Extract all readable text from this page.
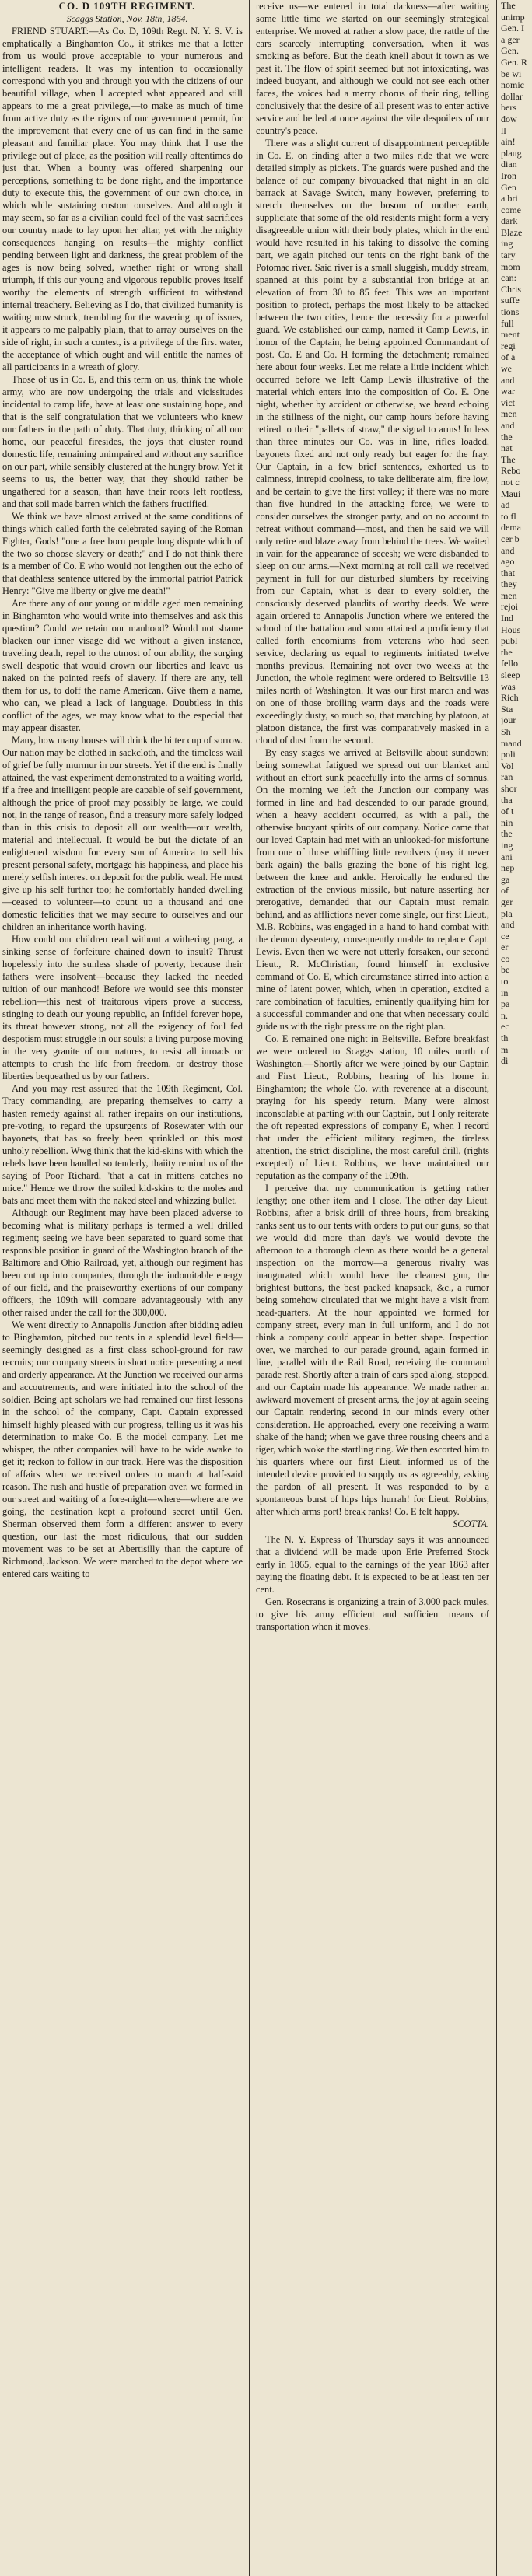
CO. D 109TH REGIMENT.

Scaggs Station, Nov. 18th, 1864.

FRIEND STUART:—As Co. D, 109th Regt. N. Y. S. V. is emphatically a Binghamton Co., it strikes me that a letter from us would prove acceptable to your numerous and intelligent readers. It was my intention to occasionally correspond with you and through you with the citizens of our beautiful village, when I accepted what appeared and still appears to me a great privilege,—to make as much of time from active duty as the rigors of our government permit, for the improvement that every one of us can find in the same pleasant and familiar place. You may think that I use the privilege out of place, as the position will really oftentimes do just that. When a bounty was offered sharpening our perceptions, something to be done right, and the importance duty to execute this, the government of our own choice, in which while sustaining custom ourselves. And although it may seem, so far as a civilian could feel of the vast sacrifices our country made to lay upon her altar, yet with the mighty consequences hanging on results—the mighty conflict pending between light and darkness, the great problem of the ages is now being solved, whether right or wrong shall triumph, if this our young and vigorous republic proves itself worthy the elements of strength sufficient to withstand internal treachery. Believing as I do, that civilized humanity is waiting now struck, trembling for the wavering up of issues, it appears to me palpably plain, that to array ourselves on the side of right, in such a contest, is a privilege of the first water, the acceptance of which ought and will entitle the names of all participants in a wreath of glory.

Those of us in Co. E, and this term on us, think the whole army, who are now undergoing the trials and vicissitudes incidental to camp life, have at least one sustaining hope, and that is the self congratulation that we volunteers who knew our fathers in the path of duty. That duty, thinking of all our home, our peaceful firesides, the joys that cluster round domestic life, remaining unimpaired and without any sacrifice on our part, while sensibly clustered at the hungry brow. Yet it seems to us, the better way, that they should rather be ungathered for a season, than have their roots left rootless, and that soil made barren which the fathers fructified.

We think we have almost arrived at the same conditions of things which called forth the celebrated saying of the Roman Fighter, Gods! "one a free born people long dispute which of the two so choose slavery or death;" and I do not think there is a member of Co. E who would not lengthen out the echo of that deathless sentence uttered by the immortal patriot Patrick Henry: "Give me liberty or give me death!"

Are there any of our young or middle aged men remaining in Binghamton who would write into themselves and ask this question? Could we retain our manhood? Would not shame blacken our inner visage did we without a given instance, traveling death, repel to the utmost of our ability, the surging swell despotic that would drown our liberties and leave us naked on the pointed reefs of slavery. If there are any, tell them for us, to doff the name American. Give them a name, who can, we plead a lack of language. Doubtless in this conflict of the ages, we may know what to the especial that may appear disaster.

Many, how many houses will drink the bitter cup of sorrow. Our nation may be clothed in sackcloth, and the timeless wail of grief be fully murmur in our streets. Yet if the end is finally attained, the vast experiment demonstrated to a waiting world, if a free and intelligent people are capable of self government, although the price of proof may possibly be large, we could not, in the range of reason, find a treasury more safely lodged than in this crisis to deposit all our wealth—our wealth, material and intellectual. It would be but the dictate of an enlightened wisdom for every son of America to sell his present personal safety, mortgage his happiness, and place his merely selfish interest on deposit for the public weal. He must give up his self further too; he comfortably handed dwelling—ceased to volunteer—to count up a thousand and one domestic felicities that we may secure to ourselves and our children an inheritance worth having.

How could our children read without a withering pang, a sinking sense of forfeiture chained down to insult? Thrust hopelessly into the sunless shade of poverty, because their fathers were insolvent—because they lacked the needed tuition of our manhood! Before we would see this monster rebellion—this nest of traitorous vipers prove a success, stinging to death our young republic, an Infidel forever hope, its threat however strong, not all the exigency of foul fed despotism must struggle in our souls; a living purpose moving in the very granite of our natures, to resist all inroads or attempts to crush the life from freedom, or destroy those liberties bequeathed us by our fathers.

And you may rest assured that the 109th Regiment, Col. Tracy commanding, are preparing themselves to carry a hasten remedy against all rather irepairs on our institutions, pre-voting, to regard the upsurgents of Rosewater with our bayonets, that has so freely been sprinkled on this most unholy rebellion. Wwg think that the kid-skins with which the rebels have been handled so tenderly, thaiity remind us of the saying of Poor Richard, "that a cat in mittens catches no mice." Hence we throw the soiled kid-skins to the moles and bats and meet them with the naked steel and whizzing bullet.

Although our Regiment may have been placed adverse to becoming what is military perhaps is termed a well drilled regiment; seeing we have been separated to guard some that responsible position in guard of the Washington branch of the Baltimore and Ohio Railroad, yet, although our regiment has been cut up into companies, through the indomitable energy of our field, and the praiseworthy exertions of our company officers, the 109th will compare advantageously with any other raised under the call for the 300,000.

We went directly to Annapolis Junction after bidding adieu to Binghamton, pitched our tents in a splendid level field—seemingly designed as a first class school-ground for raw recruits; our company streets in short notice presenting a neat and orderly appearance. At the Junction we received our arms and accoutrements, and were initiated into the school of the soldier. Being apt scholars we had remained our first lessons in the school of the company, Capt. Captain expressed himself highly pleased with our progress, telling us it was his determination to make Co. E the model company. Let me whisper, the other companies will have to be wide awake to get it; reckon to follow in our track. Here was the disposition of affairs when we received orders to march at half-said reason. The rush and hustle of preparation over, we formed in our street and waiting of a fore-night—where—where are we going, the destination kept a profound secret until Gen. Sherman observed them form a different answer to every question, our last the most ridiculous, that our sudden movement was to be set at Abertisilly than the capture of Richmond, Jackson. We were marched to the depot where we entered cars waiting to

receive us—we entered in total darkness—after waiting some little time we started on our seemingly strategical enterprise. We moved at rather a slow pace, the rattle of the cars scarcely interrupting conversation, when it was smoking as before. But the death knell about it town as we past it. The flow of spirit seemed but not intoxicating, was indeed buoyant, and although we could not see each other faces, the voices had a merry chorus of their ring, telling conclusively that the desire of all present was to enter active service and be led at once against the vile despoilers of our country's peace.

There was a slight current of disappointment perceptible in Co. E, on finding after a two miles ride that we were detailed simply as pickets. The guards were pushed and the balance of our company bivouacked that night in an old barrack at Savage Switch, many however, preferring to stretch themselves on the bosom of mother earth, suppliciate that some of the old residents might form a very disagreeable union with their body plates, which in the end would have resulted in his taking to dissolve the coming part, we again pitched our tents on the right bank of the Potomac river. Said river is a small sluggish, muddy stream, spanned at this point by a substantial iron bridge at an elevation of from 30 to 85 feet. This was an important position to protect, perhaps the most likely to be attacked between the two cities, hence the necessity for a powerful guard. We established our camp, named it Camp Lewis, in honor of the Captain, he being appointed Commandant of post. Co. E and Co. H forming the detachment; remained here about four weeks. Let me relate a little incident which occurred before we left Camp Lewis illustrative of the material which enters into the composition of Co. E. One night, whether by accident or otherwise, we heard echoing in the stillness of the night, our camp hours before having retired to their "pallets of straw," the signal to arms! In less than three minutes our Co. was in line, rifles loaded, bayonets fixed and not only ready but eager for the fray. Our Captain, in a few brief sentences, exhorted us to calmness, intrepid coolness, to take deliberate aim, fire low, and be certain to give the first volley; if there was no more than five hundred in the attacking force, we were to consider ourselves the stronger party, and on no account to retreat without command—most, and then he said we will only retire and blaze away from behind the trees. We waited in vain for the appearance of secesh; we were disbanded to sleep on our arms.—Next morning at roll call we received payment in full for our disturbed slumbers by receiving from our Captain, what is dear to every soldier, the consciously deserved plaudits of worthy deeds. We were again ordered to Annapolis Junction where we entered the school of the battalion and soon attained a proficiency that called forth encomiums from veterans who had seen service, declaring us equal to regiments initiated twelve months previous. Remaining not over two weeks at the Junction, the whole regiment were ordered to Beltsville 13 miles north of Washington. It was our first march and was on one of those broiling warm days and the roads were exceedingly dusty, so much so, that marching by platoon, at platoon distance, the first was comparatively masked in a cloud of dust from the second.

By easy stages we arrived at Beltsville about sundown; being somewhat fatigued we spread out our blanket and without an effort sunk peacefully into the arms of somnus. On the morning we left the Junction our company was formed in line and had descended to our parade ground, when a heavy accident occurred, as with a pall, the otherwise buoyant spirits of our company. Notice came that our loved Captain had met with an unlooked-for misfortune from one of those whiffling little revolvers (may it never bark again) the balls grazing the bone of his right leg, between the knee and ankle. Heroically he endured the extraction of the envious missile, but nature asserting her prerogative, demanded that our Captain must remain behind, and as afflictions never come single, our first Lieut., M.B. Robbins, was engaged in a hand to hand combat with the demon dysentery, consequently unable to replace Capt. Lewis. Even then we were not utterly forsaken, our second Lieut., R. McChristian, found himself in exclusive command of Co. E, which circumstance stirred into action a mine of latent power, which, when in operation, excited a rare combination of faculties, eminently qualifying him for a successful commander and one that when necessary could guide us with the right pressure on the right plan.

Co. E remained one night in Beltsville. Before breakfast we were ordered to Scaggs station, 10 miles north of Washington.—Shortly after we were joined by our Captain and First Lieut., Robbins, hearing of his home in Binghamton; the whole Co. with reverence at a discount, praying for his speedy return. Many were almost inconsolable at parting with our Captain, but I only reiterate the oft repeated expressions of company E, when I record that under the efficient military regimen, the tireless attention, the strict discipline, the most careful drill, (rights excepted) of Lieut. Robbins, we have maintained our reputation as the company of the 109th.

I perceive that my communication is getting rather lengthy; one other item and I close. The other day Lieut. Robbins, after a brisk drill of three hours, from breaking ranks sent us to our tents with orders to put our guns, so that we would did more than day's we would devote the afternoon to a thorough clean as there would be a general inspection on the morrow—a generous rivalry was inaugurated which would have the cleanest gun, the brightest buttons, the best packed knapsack, &c., a rumor being somehow circulated that we might have a visit from head-quarters. At the hour appointed we formed for company street, every man in full uniform, and I do not think a company could appear in better shape. Inspection over, we marched to our parade ground, again formed in line, parallel with the Rail Road, receiving the command parade rest. Shortly after a train of cars sped along, stopped, and our Captain made his appearance. We made rather an awkward movement of present arms, the joy at again seeing our Captain rendering second in our minds every other consideration. He approached, every one receiving a warm shake of the hand; when we gave three rousing cheers and a tiger, which woke the startling ring. We then escorted him to his quarters where our first Lieut. informed us of the intended device provided to supply us as agreeably, asking the pardon of all present. It was responded to by a spontaneous burst of hips hips hurrah! for Lieut. Robbins, after which arms port! break ranks! Co. E felt happy.

SCOTTA.

The N. Y. Express of Thursday says it was announced that a dividend will be made upon Erie Preferred Stock early in 1865, equal to the earnings of the year 1863 after paying the floating debt. It is expected to be at least ten per cent.

Gen. Rosecrans is organizing a train of 3,000 pack mules, to give his army efficient and sufficient means of transportation when it moves.

The
unimp
Gen. I
a ger
Gen.
Gen. R
be wi
nomic
dollar
bers
dow
ll
ain!
plaug
dian
Iron
Gen
a bri
come
dark
Blaze
ing
tary
mom
can:
Chris
suffe
tions
full
ment
regi
of a
we
and
war
vict
men
and
the
nat
The
Rebo
not c
Maui
ad
to fl
dema
cer b
and
ago
that
they
men
rejoi
Ind
Hous
publ
the
fello
sleep
was
Rich
Sta
jour
Sh
mand
poli
Vol
ran
shor
tha
of t
nin
the
ing
ani
nep
ga
of
ger
pla
and
ce
er
co
be
to
in
pa
n.
ec
th
m
di
